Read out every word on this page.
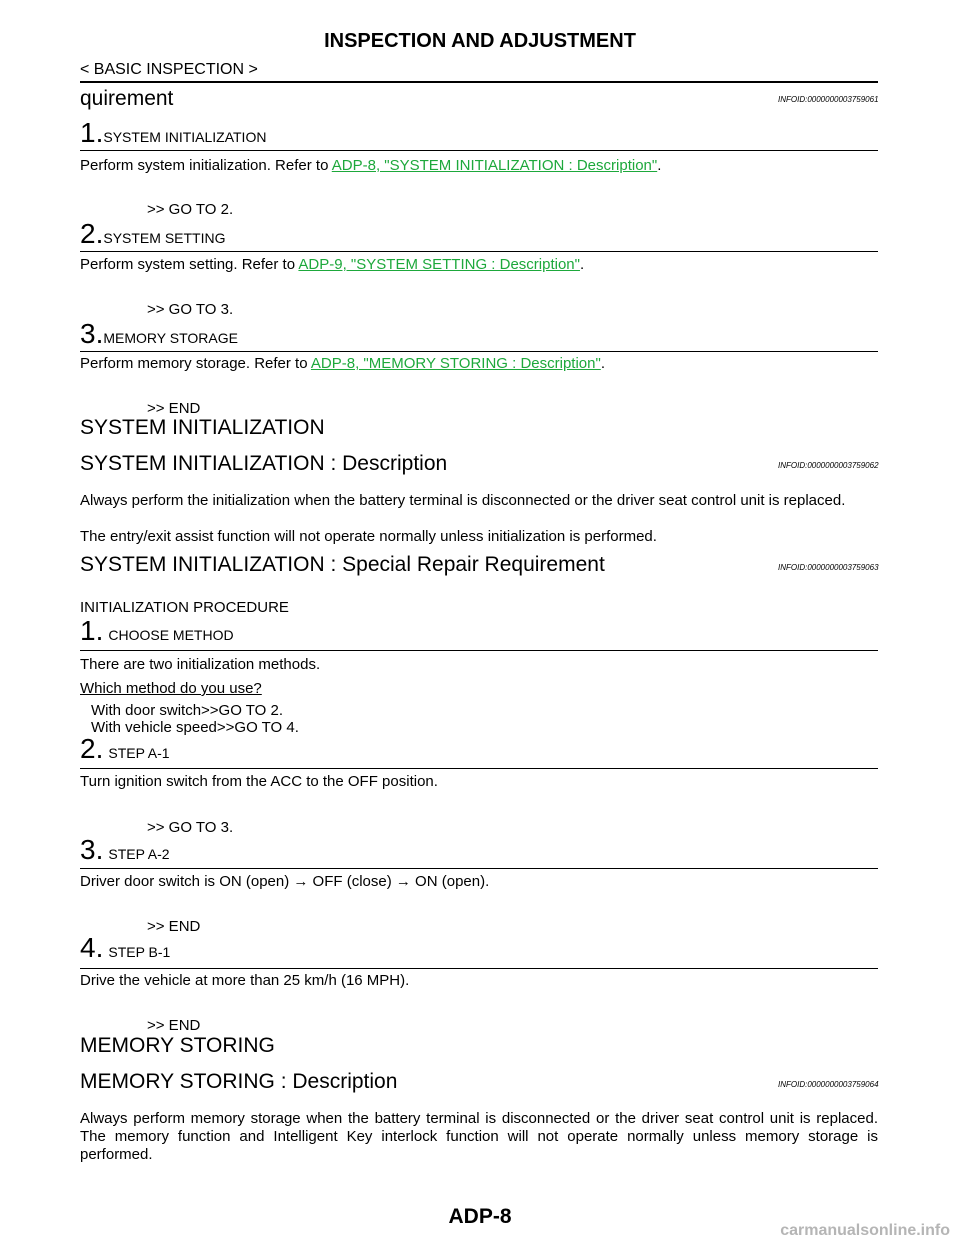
INSPECTION AND ADJUSTMENT
< BASIC INSPECTION >
quirement	INFOID:0000000003759061
1.SYSTEM INITIALIZATION
Perform system initialization. Refer to ADP-8, "SYSTEM INITIALIZATION : Description".
>> GO TO 2.
2.SYSTEM SETTING
Perform system setting. Refer to ADP-9, "SYSTEM SETTING : Description".
>> GO TO 3.
3.MEMORY STORAGE
Perform memory storage. Refer to ADP-8, "MEMORY STORING : Description".
>> END
SYSTEM INITIALIZATION
SYSTEM INITIALIZATION : Description	INFOID:0000000003759062
Always perform the initialization when the battery terminal is disconnected or the driver seat control unit is replaced.
The entry/exit assist function will not operate normally unless initialization is performed.
SYSTEM INITIALIZATION : Special Repair Requirement	INFOID:0000000003759063
INITIALIZATION PROCEDURE
1. CHOOSE METHOD
There are two initialization methods.
Which method do you use?
With door switch>>GO TO 2.
With vehicle speed>>GO TO 4.
2. STEP A-1
Turn ignition switch from the ACC to the OFF position.
>> GO TO 3.
3. STEP A-2
Driver door switch is ON (open) → OFF (close) → ON (open).
>> END
4. STEP B-1
Drive the vehicle at more than 25 km/h (16 MPH).
>> END
MEMORY STORING
MEMORY STORING : Description	INFOID:0000000003759064
Always perform memory storage when the battery terminal is disconnected or the driver seat control unit is replaced. The memory function and Intelligent Key interlock function will not operate normally unless memory storage is performed.
ADP-8
carmanualsonline.info
